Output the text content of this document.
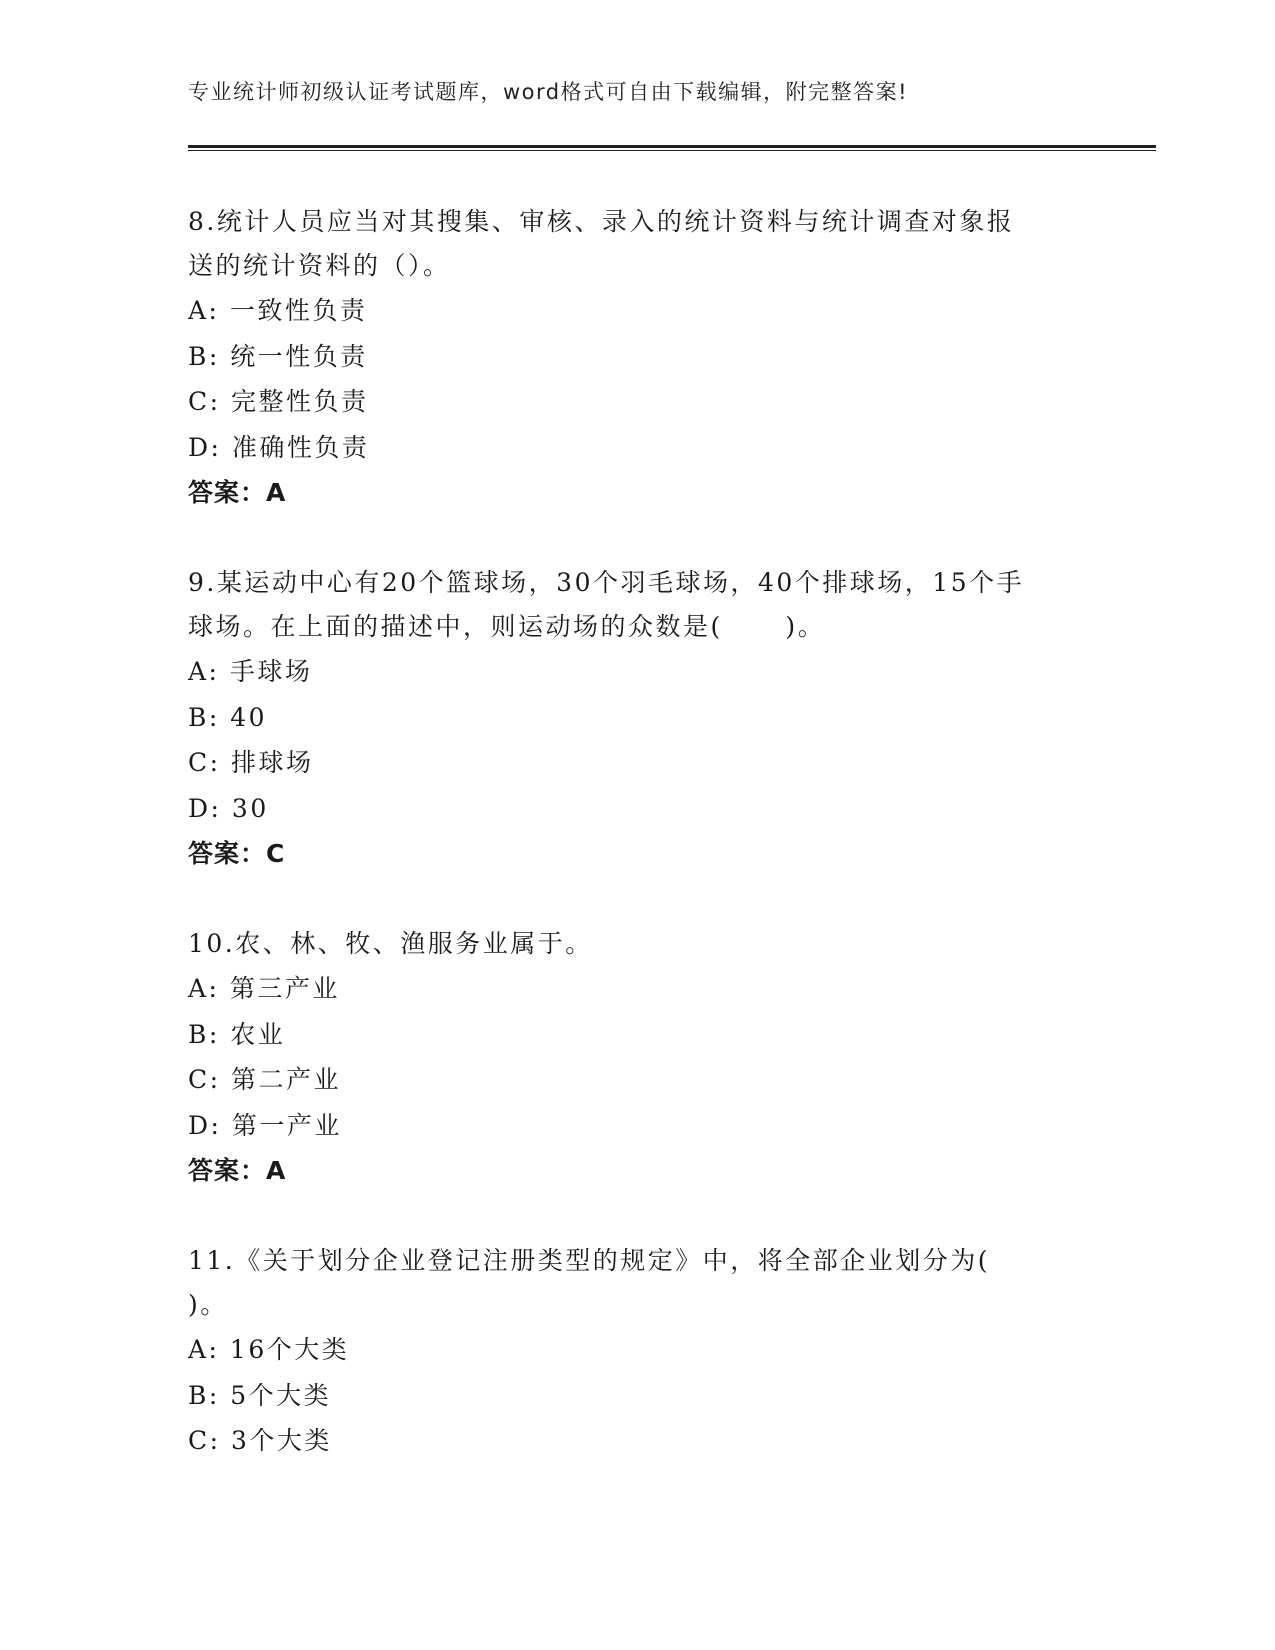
专业统计师初级认证考试题库，word格式可自由下载编辑，附完整答案!
8.统计人员应当对其搜集、审核、录入的统计资料与统计调查对象报
送的统计资料的（）。
A: 一致性负责
B: 统一性负责
C: 完整性负责
D: 准确性负责
答案：A
9.某运动中心有20个篮球场，30个羽毛球场，40个排球场，15个手
球场。在上面的描述中，则运动场的众数是(      )。
A: 手球场
B: 40
C: 排球场
D: 30
答案：C
10.农、林、牧、渔服务业属于。
A: 第三产业
B: 农业
C: 第二产业
D: 第一产业
答案：A
11.《关于划分企业登记注册类型的规定》中，将全部企业划分为(
)。
A: 16个大类
B: 5个大类
C: 3个大类
